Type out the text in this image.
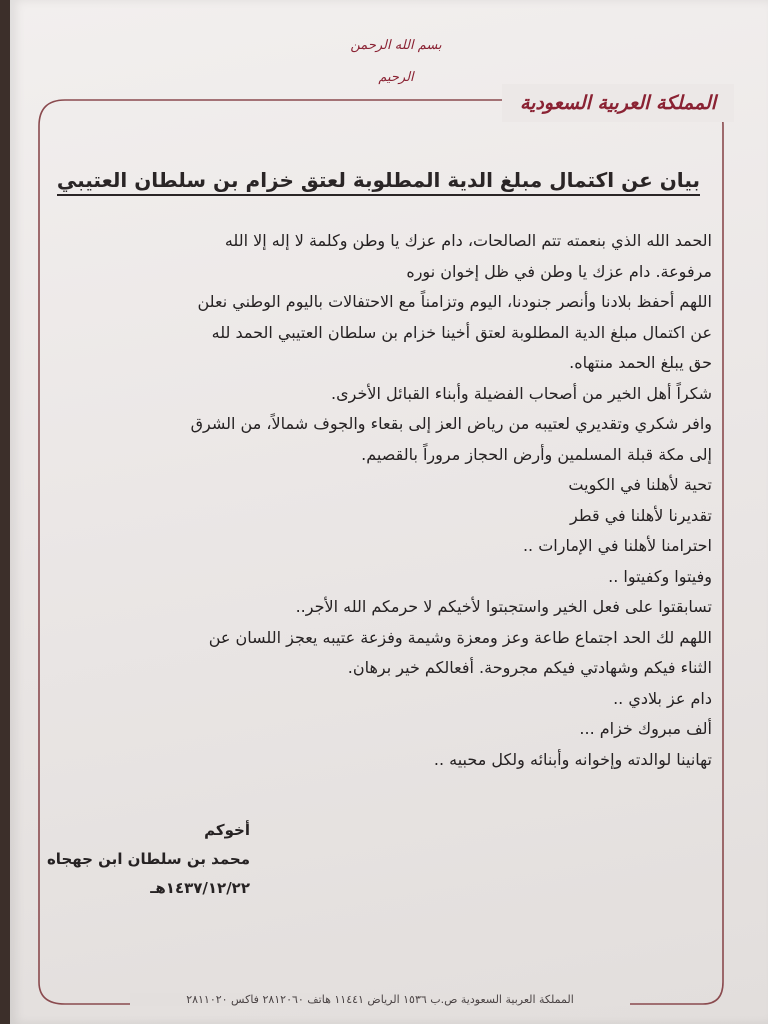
بسم الله الرحمن الرحيم
المملكة العربية السعودية
بيان عن اكتمال مبلغ الدية المطلوبة لعتق خزام بن سلطان العتيبي
الحمد الله الذي بنعمته تتم الصالحات، دام عزك يا وطن وكلمة لا إله إلا الله
مرفوعة. دام عزك يا وطن في ظل إخوان نوره
اللهم أحفظ بلادنا وأنصر جنودنا، اليوم وتزامناً مع الاحتفالات باليوم الوطني نعلن
عن اكتمال مبلغ الدية المطلوبة لعتق أخينا خزام بن سلطان العتيبي الحمد لله
حق يبلغ الحمد منتهاه.
شكراً أهل الخير من أصحاب الفضيلة وأبناء القبائل الأخرى.
وافر شكري وتقديري لعتيبه من رياض العز إلى بقعاء والجوف شمالاً، من الشرق
إلى مكة قبلة المسلمين وأرض الحجاز مروراً بالقصيم.
تحية لأهلنا في الكويت
تقديرنا لأهلنا في قطر
احترامنا لأهلنا في الإمارات ..
وفيتوا وكفيتوا ..
تسابقتوا على فعل الخير واستجبتوا لأخيكم لا حرمكم الله الأجر..
اللهم لك الحد اجتماع طاعة وعز ومعزة وشيمة وفزعة عتيبه يعجز اللسان عن
الثناء فيكم وشهادتي فيكم مجروحة. أفعالكم خير برهان.
دام عز بلادي ..
ألف مبروك خزام ...
تهانينا لوالدته وإخوانه وأبنائه ولكل محبيه ..
أخوكم
محمد بن سلطان ابن جهجاه
١٤٣٧/١٢/٢٢هـ
المملكة العربية السعودية ص.ب ١٥٣٦ الرياض ١١٤٤١ هاتف ٢٨١٢٠٦٠ فاكس ٢٨١١٠٢٠
